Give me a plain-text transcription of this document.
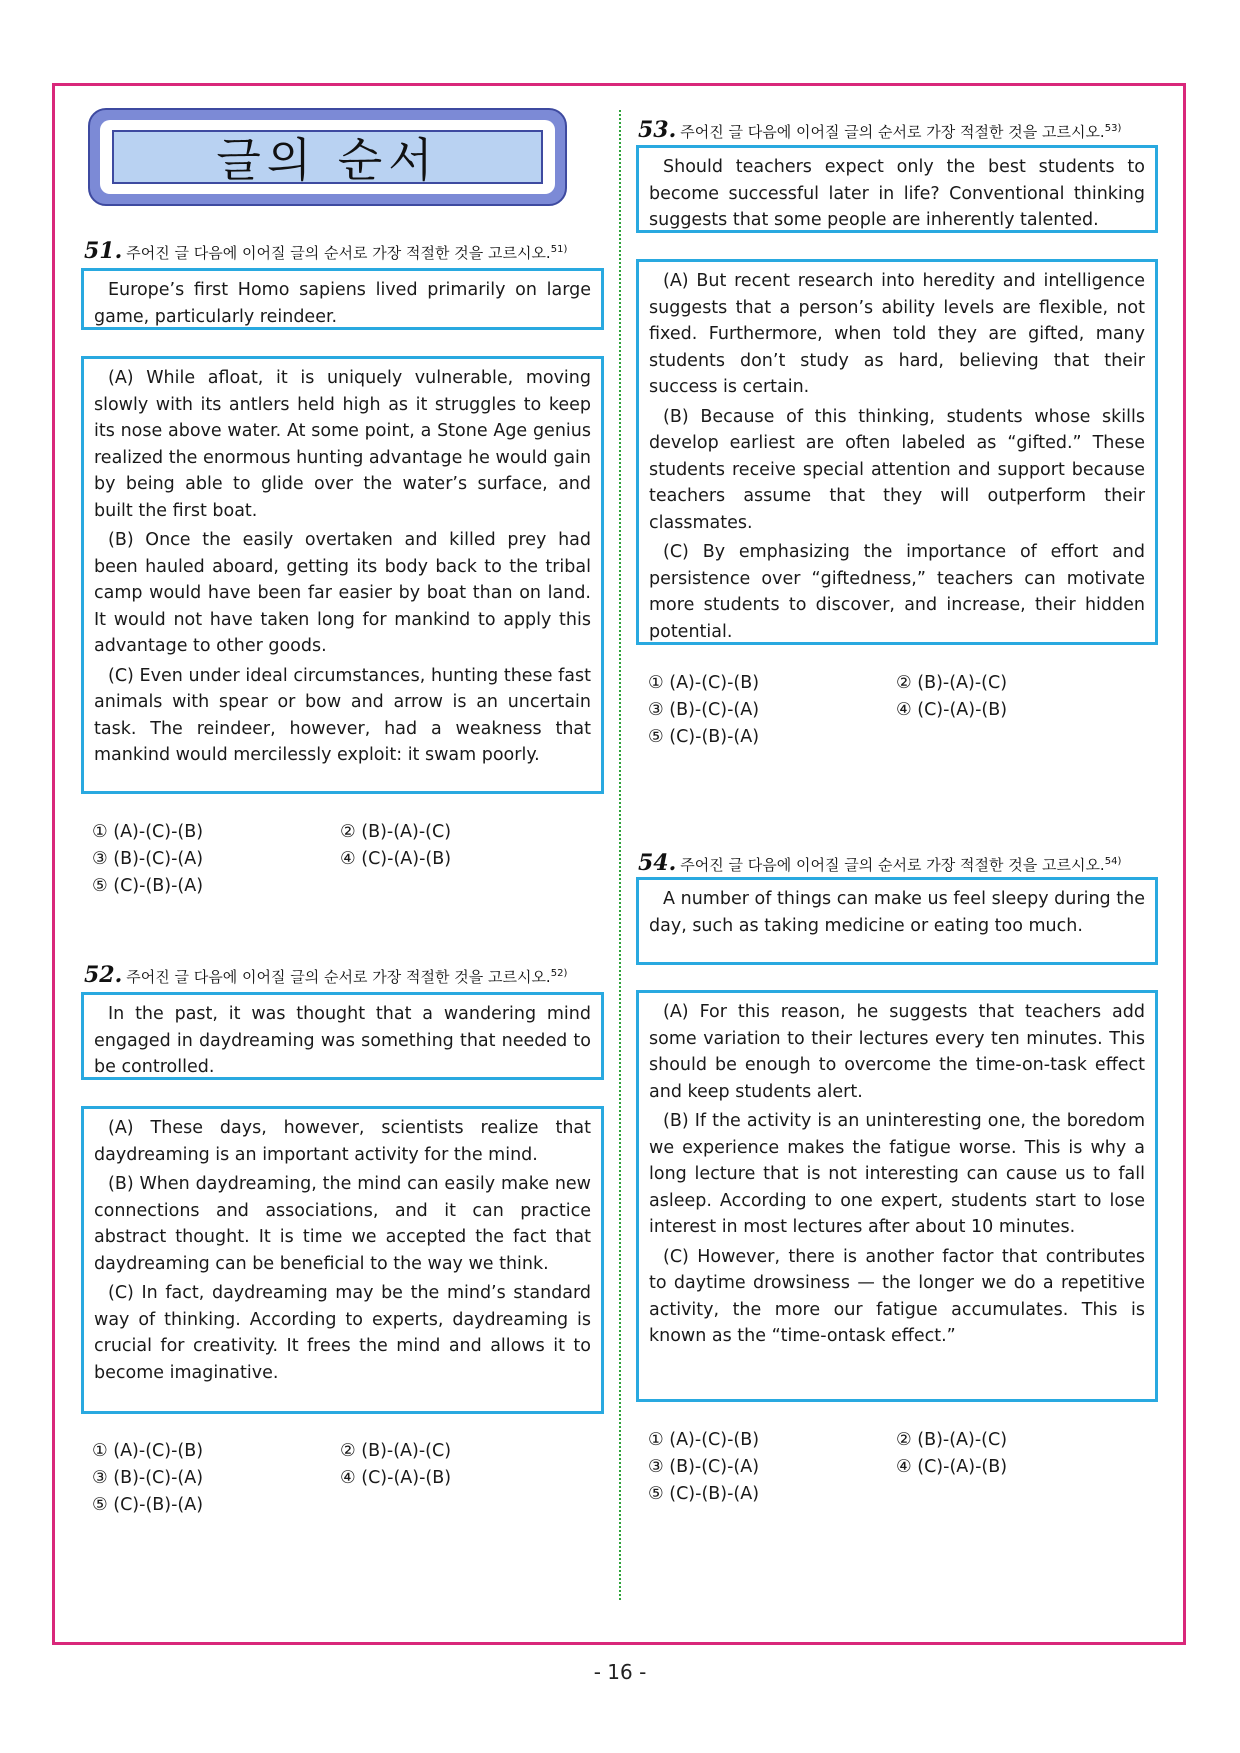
글의 순서
51. 주어진 글 다음에 이어질 글의 순서로 가장 적절한 것을 고르시오.$^{51)}$

Europe’s first Homo sapiens lived primarily on large game, particularly reindeer.

(A) While afloat, it is uniquely vulnerable, moving slowly with its antlers held high as it struggles to keep its nose above water. At some point, a Stone Age genius realized the enormous hunting advantage he would gain by being able to glide over the water’s surface, and built the first boat.

(B) Once the easily overtaken and killed prey had been hauled aboard, getting its body back to the tribal camp would have been far easier by boat than on land. It would not have taken long for mankind to apply this advantage to other goods.

(C) Even under ideal circumstances, hunting these fast animals with spear or bow and arrow is an uncertain task. The reindeer, however, had a weakness that mankind would mercilessly exploit: it swam poorly.

① (A)-(C)-(B)	② (B)-(A)-(C)
③ (B)-(C)-(A)	④ (C)-(A)-(B)
⑤ (C)-(B)-(A)
52. 주어진 글 다음에 이어질 글의 순서로 가장 적절한 것을 고르시오.$^{52)}$

In the past, it was thought that a wandering mind engaged in daydreaming was something that needed to be controlled.

(A) These days, however, scientists realize that daydreaming is an important activity for the mind.

(B) When daydreaming, the mind can easily make new connections and associations, and it can practice abstract thought. It is time we accepted the fact that daydreaming can be beneficial to the way we think.

(C) In fact, daydreaming may be the mind’s standard way of thinking. According to experts, daydreaming is crucial for creativity. It frees the mind and allows it to become imaginative.

① (A)-(C)-(B)	② (B)-(A)-(C)
③ (B)-(C)-(A)	④ (C)-(A)-(B)
⑤ (C)-(B)-(A)
53. 주어진 글 다음에 이어질 글의 순서로 가장 적절한 것을 고르시오.$^{53)}$

Should teachers expect only the best students to become successful later in life? Conventional thinking suggests that some people are inherently talented.

(A) But recent research into heredity and intelligence suggests that a person’s ability levels are flexible, not fixed. Furthermore, when told they are gifted, many students don’t study as hard, believing that their success is certain.

(B) Because of this thinking, students whose skills develop earliest are often labeled as “gifted.” These students receive special attention and support because teachers assume that they will outperform their classmates.

(C) By emphasizing the importance of effort and persistence over “giftedness,” teachers can motivate more students to discover, and increase, their hidden potential.

① (A)-(C)-(B)	② (B)-(A)-(C)
③ (B)-(C)-(A)	④ (C)-(A)-(B)
⑤ (C)-(B)-(A)
54. 주어진 글 다음에 이어질 글의 순서로 가장 적절한 것을 고르시오.$^{54)}$

A number of things can make us feel sleepy during the day, such as taking medicine or eating too much.

(A) For this reason, he suggests that teachers add some variation to their lectures every ten minutes. This should be enough to overcome the time-on-task effect and keep students alert.

(B) If the activity is an uninteresting one, the boredom we experience makes the fatigue worse. This is why a long lecture that is not interesting can cause us to fall asleep. According to one expert, students start to lose interest in most lectures after about 10 minutes.

(C) However, there is another factor that contributes to daytime drowsiness — the longer we do a repetitive activity, the more our fatigue accumulates. This is known as the “time-ontask effect.”

① (A)-(C)-(B)	② (B)-(A)-(C)
③ (B)-(C)-(A)	④ (C)-(A)-(B)
⑤ (C)-(B)-(A)
- 16 -
